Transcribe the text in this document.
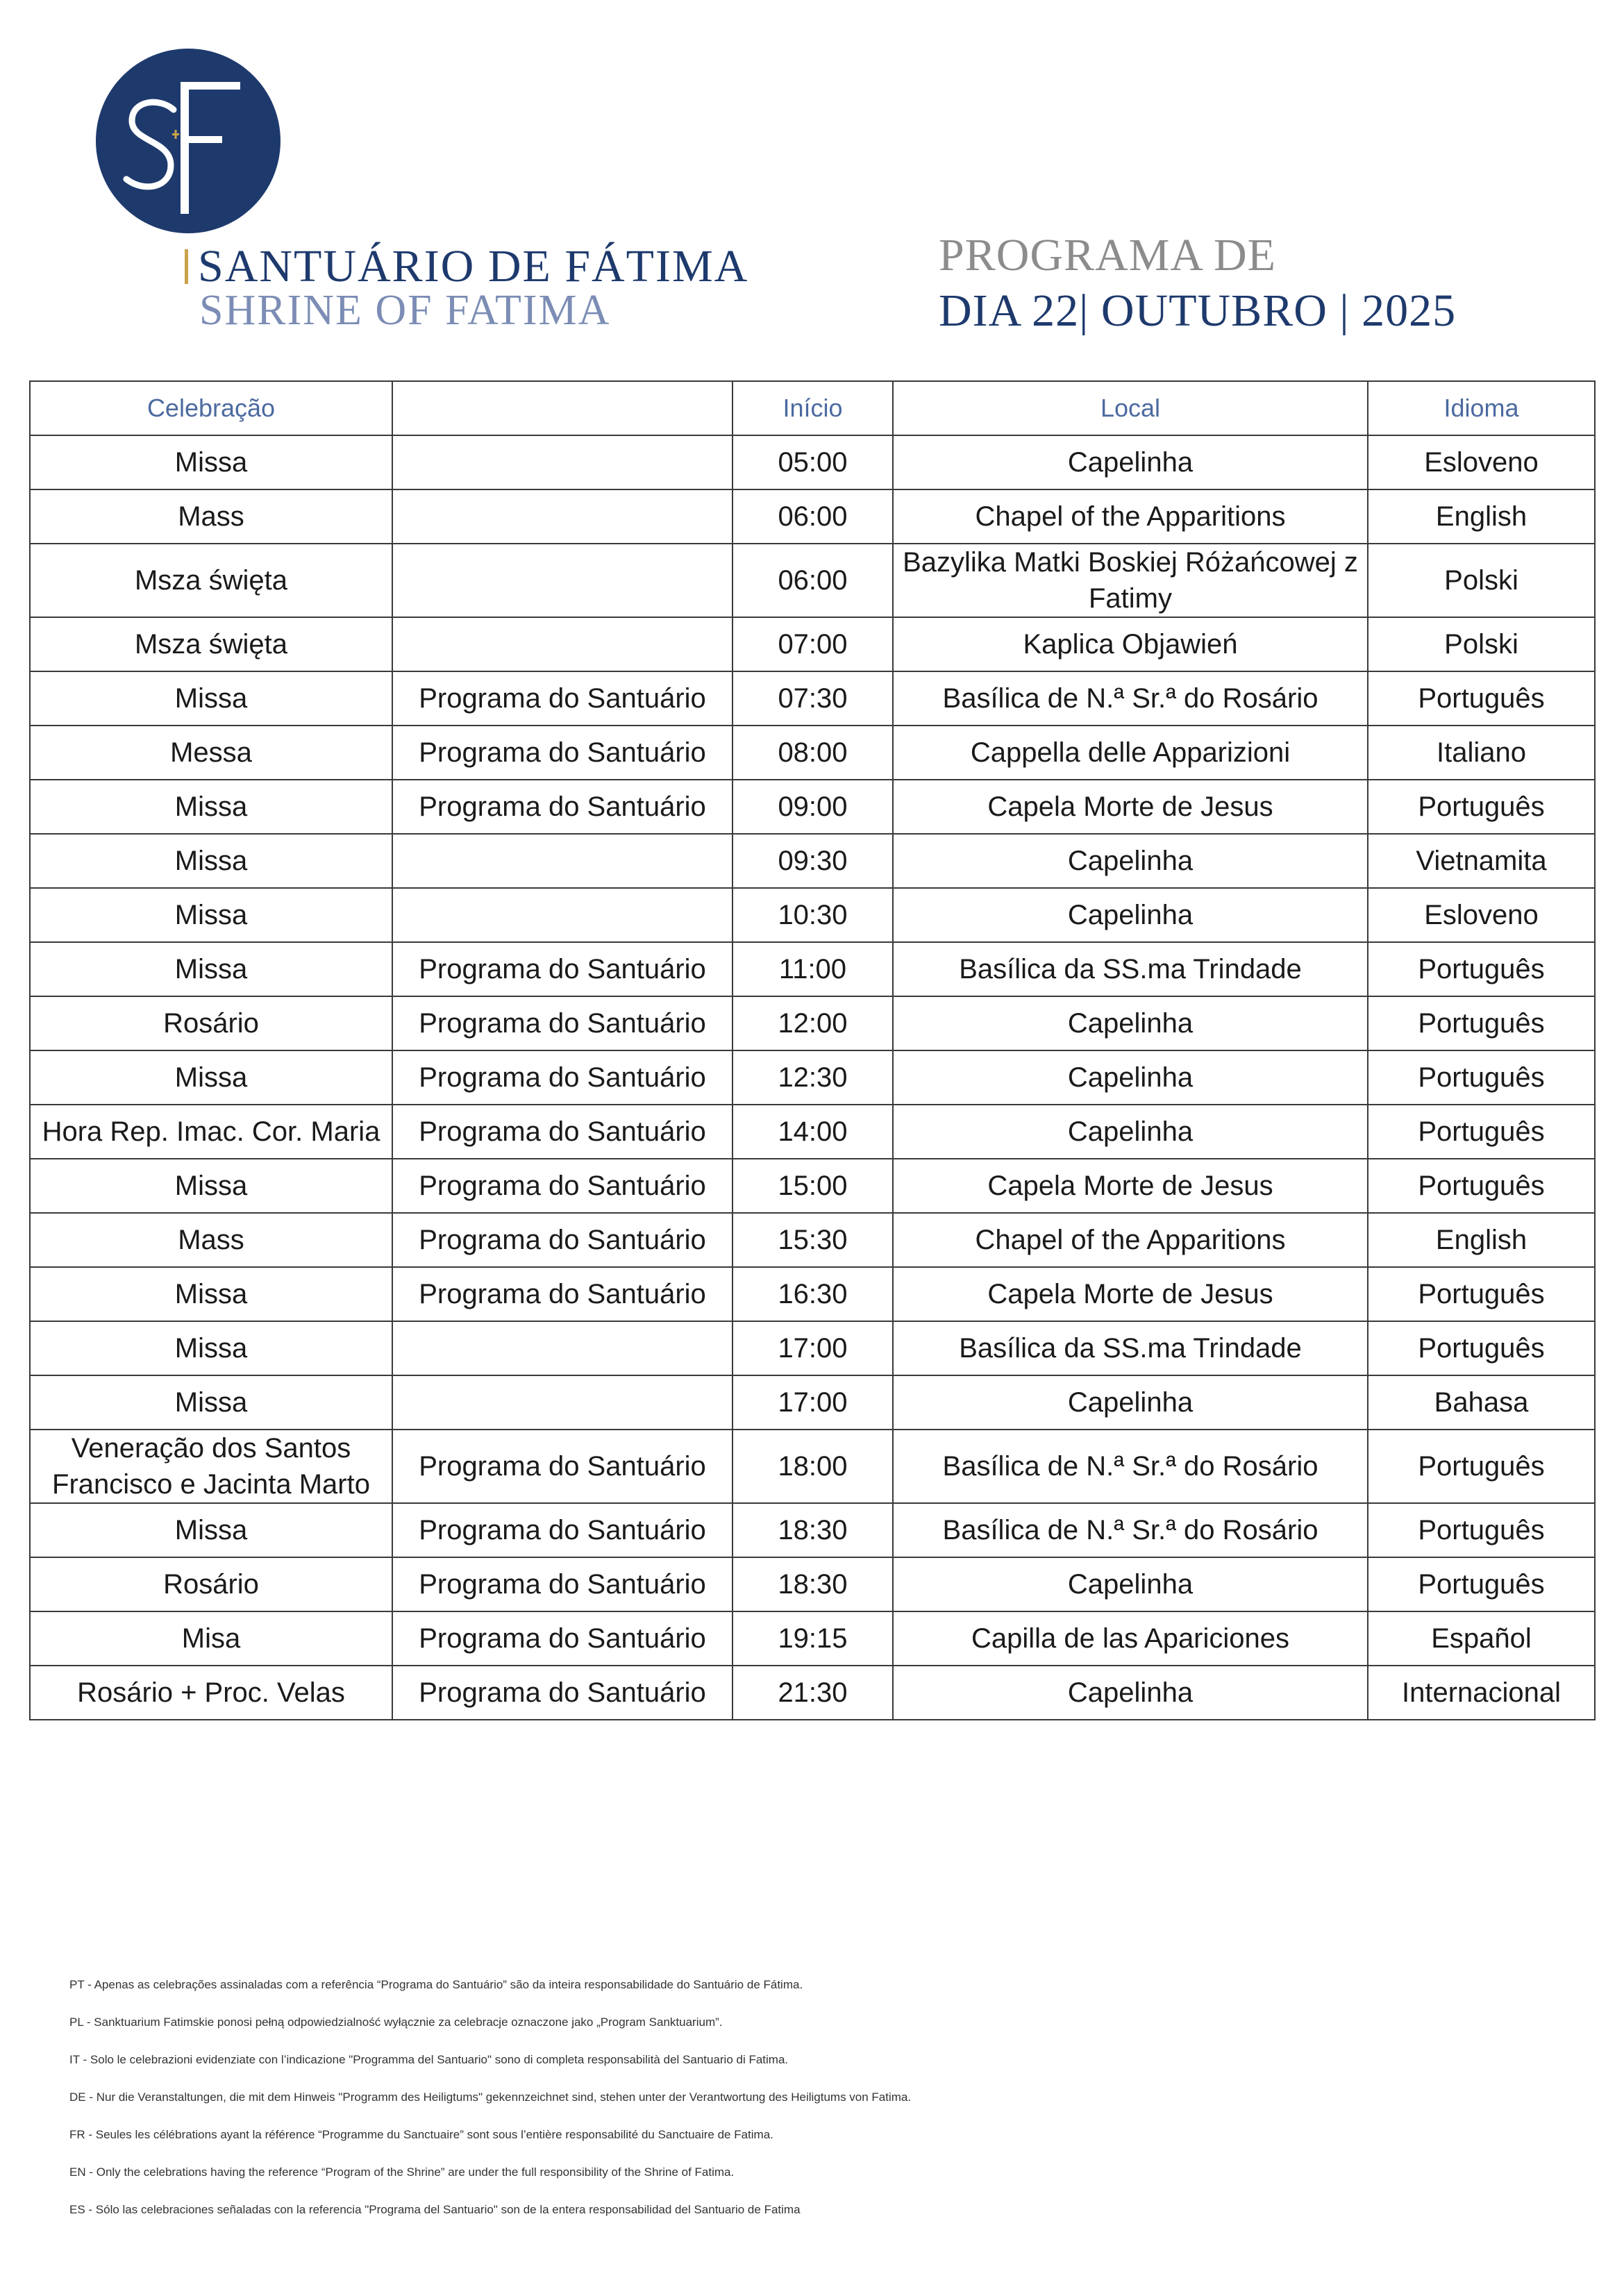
SANTUÁRIO DE FÁTIMA
SHRINE OF FATIMA
PROGRAMA DE
DIA 22| OUTUBRO | 2025
Celebração		Início	Local	Idioma
Missa		05:00	Capelinha	Esloveno
Mass		06:00	Chapel of the Apparitions	English
Msza święta		06:00	Bazylika Matki Boskiej Różańcowej z Fatimy	Polski
Msza święta		07:00	Kaplica Objawień	Polski
Missa	Programa do Santuário	07:30	Basílica de N.ª Sr.ª do Rosário	Português
Messa	Programa do Santuário	08:00	Cappella delle Apparizioni	Italiano
Missa	Programa do Santuário	09:00	Capela Morte de Jesus	Português
Missa		09:30	Capelinha	Vietnamita
Missa		10:30	Capelinha	Esloveno
Missa	Programa do Santuário	11:00	Basílica da SS.ma Trindade	Português
Rosário	Programa do Santuário	12:00	Capelinha	Português
Missa	Programa do Santuário	12:30	Capelinha	Português
Hora Rep. Imac. Cor. Maria	Programa do Santuário	14:00	Capelinha	Português
Missa	Programa do Santuário	15:00	Capela Morte de Jesus	Português
Mass	Programa do Santuário	15:30	Chapel of the Apparitions	English
Missa	Programa do Santuário	16:30	Capela Morte de Jesus	Português
Missa		17:00	Basílica da SS.ma Trindade	Português
Missa		17:00	Capelinha	Bahasa

Veneração dos Santos Francisco e Jacinta Marto	Programa do Santuário	18:00	Basílica de N.ª Sr.ª do Rosário	Português
Missa	Programa do Santuário	18:30	Basílica de N.ª Sr.ª do Rosário	Português
Rosário	Programa do Santuário	18:30	Capelinha	Português
Misa	Programa do Santuário	19:15	Capilla de las Apariciones	Español
Rosário + Proc. Velas	Programa do Santuário	21:30	Capelinha	Internacional
PT - Apenas as celebrações assinaladas com a referência “Programa do Santuário” são da inteira responsabilidade do Santuário de Fátima.
PL - Sanktuarium Fatimskie ponosi pełną odpowiedzialność wyłącznie za celebracje oznaczone jako „Program Sanktuarium”.
IT - Solo le celebrazioni evidenziate con l’indicazione "Programma del Santuario" sono di completa responsabilità del Santuario di Fatima.
DE - Nur die Veranstaltungen, die mit dem Hinweis "Programm des Heiligtums" gekennzeichnet sind, stehen unter der Verantwortung des Heiligtums von Fatima.
FR - Seules les célébrations ayant la référence “Programme du Sanctuaire” sont sous l’entière responsabilité du Sanctuaire de Fatima.
EN - Only the celebrations having the reference “Program of the Shrine” are under the full responsibility of the Shrine of Fatima.
ES - Sólo las celebraciones señaladas con la referencia "Programa del Santuario" son de la entera responsabilidad del Santuario de Fatima
